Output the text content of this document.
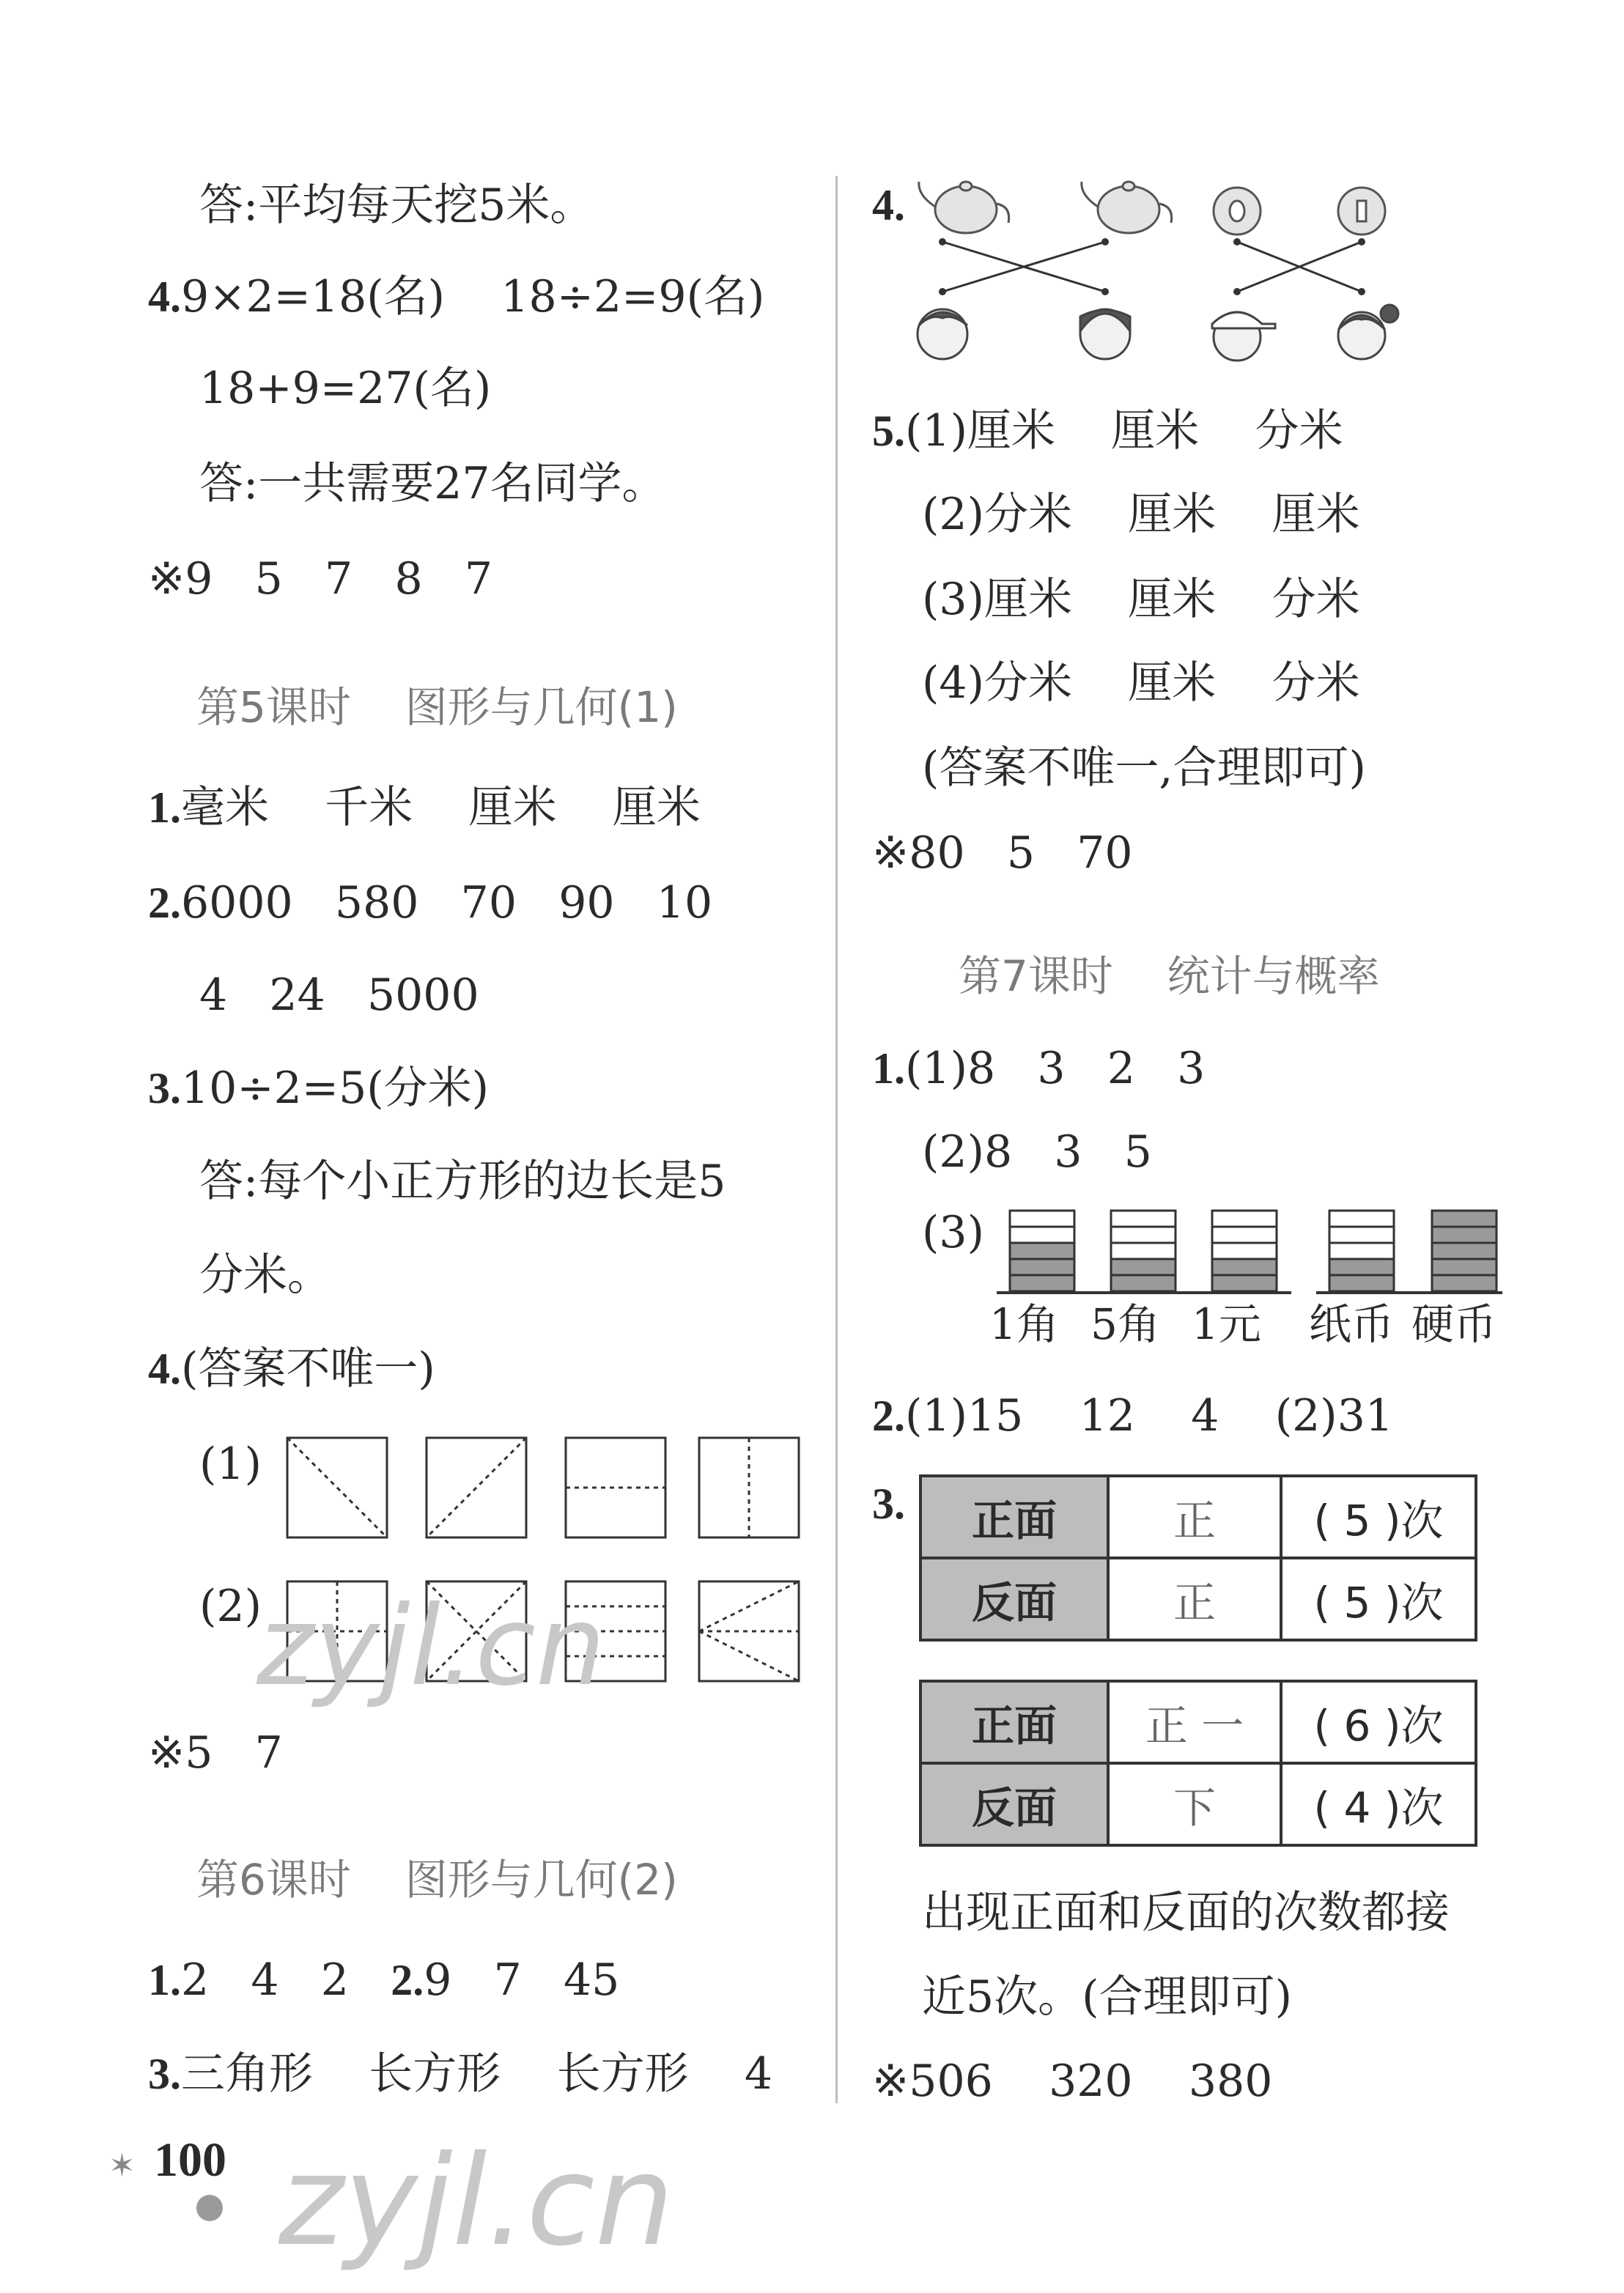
答:平均每天挖5米。
4.9×2=18(名)    18÷2=9(名)
18+9=27(名)
答:一共需要27名同学。
※9   5   7   8   7
第5课时    图形与几何(1)
1.毫米    千米    厘米    厘米
2.6000   580   70   90   10
4   24   5000
3.10÷2=5(分米)
答:每个小正方形的边长是5
分米。
4.(答案不唯一)
(1)
(2)
※5   7
第6课时    图形与几何(2)
1.2   4   2 2.9   7   45
3.三角形    长方形    长方形    4
4.
5.(1)厘米    厘米    分米
(2)分米    厘米    厘米
(3)厘米    厘米    分米
(4)分米    厘米    分米
(答案不唯一,合理即可)
※80   5   70
第7课时    统计与概率
1.(1)8   3   2   3
(2)8   3   5
(3)
1角 5角 1元 纸币 硬币
2.(1)15    12    4    (2)31
3. 正面	正	( 5 )次
反面	正	( 5 )次
正面	正 一	( 6 )次
反面	下	( 4 )次
出现正面和反面的次数都接
近5次。(合理即可)
※506    320    380
✶ 100
zyjl.cn
zyjl.cn
